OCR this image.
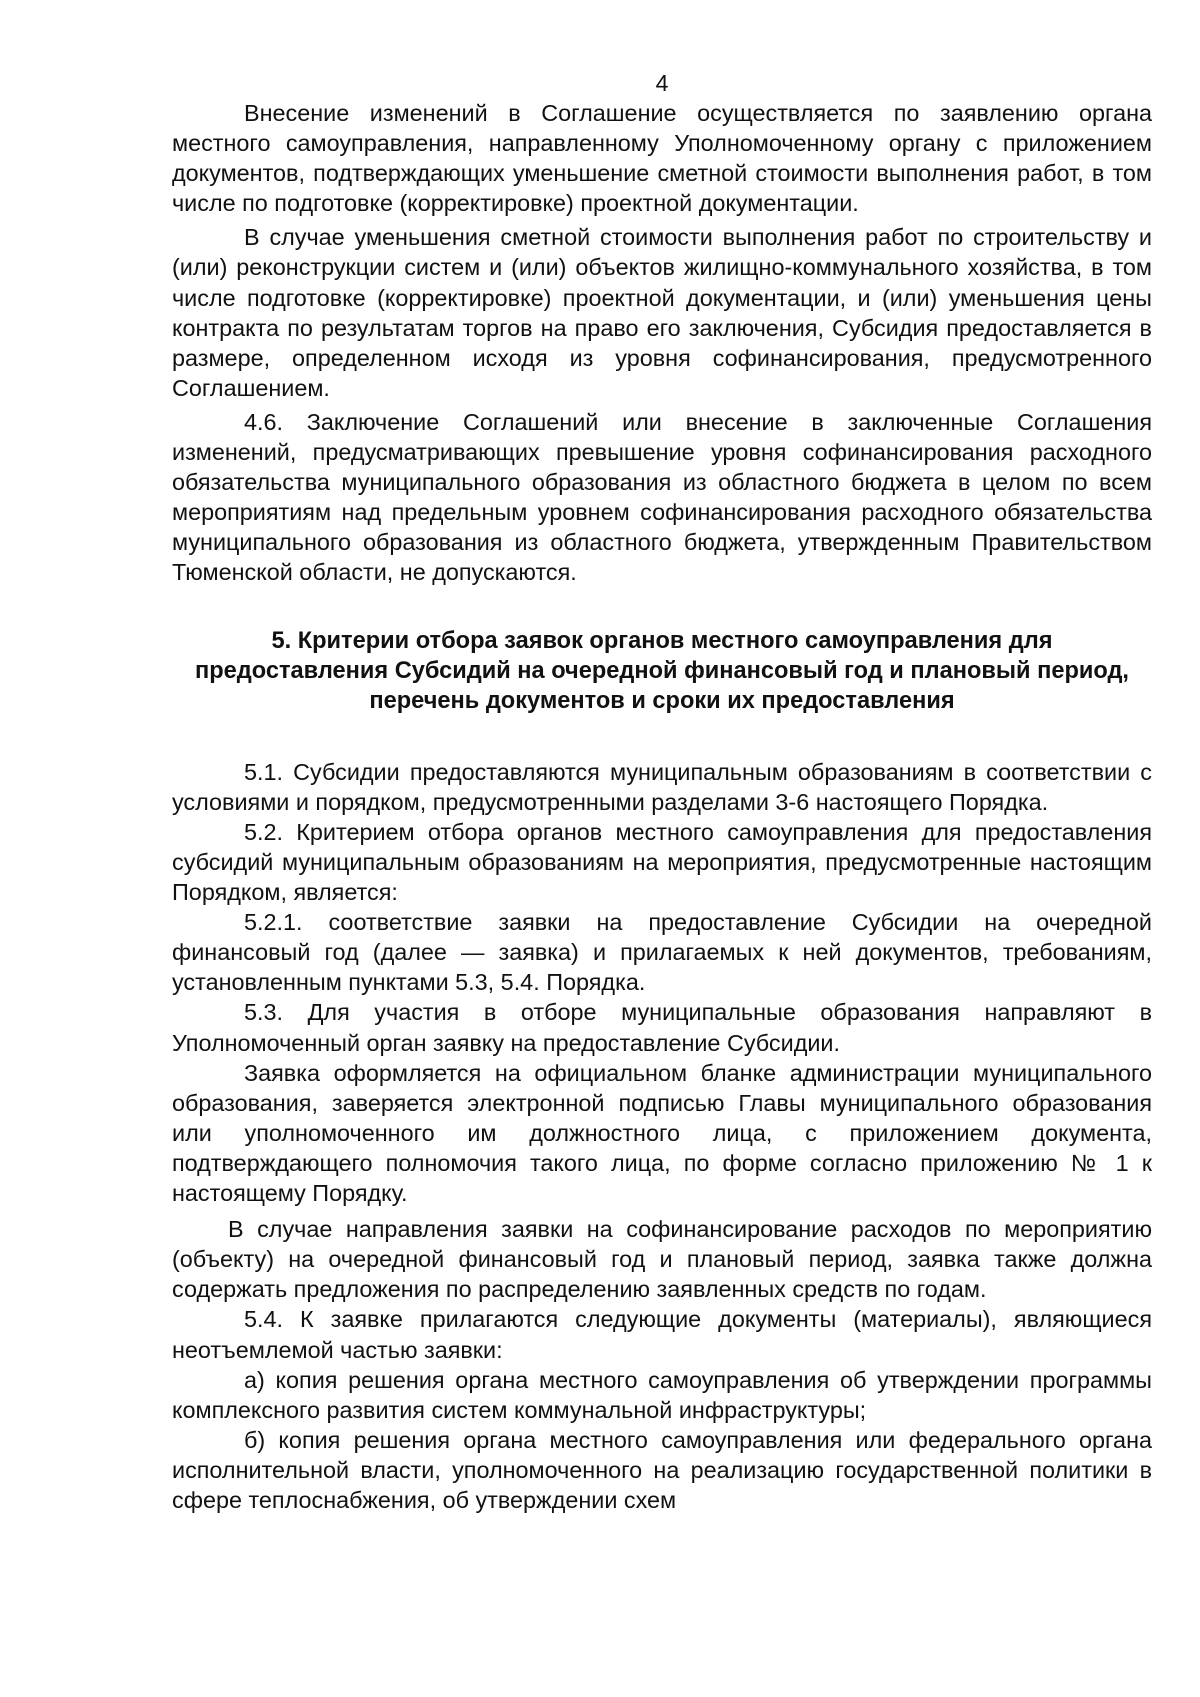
4

Внесение изменений в Соглашение осуществляется по заявлению органа местного самоуправления, направленному Уполномоченному органу с приложением документов, подтверждающих уменьшение сметной стоимости выполнения работ, в том числе по подготовке (корректировке) проектной документации.

В случае уменьшения сметной стоимости выполнения работ по строительству и (или) реконструкции систем и (или) объектов жилищно-коммунального хозяйства, в том числе подготовке (корректировке) проектной документации, и (или) уменьшения цены контракта по результатам торгов на право его заключения, Субсидия предоставляется в размере, определенном исходя из уровня софинансирования, предусмотренного Соглашением.

4.6. Заключение Соглашений или внесение в заключенные Соглашения изменений, предусматривающих превышение уровня софинансирования расходного обязательства муниципального образования из областного бюджета в целом по всем мероприятиям над предельным уровнем софинансирования расходного обязательства муниципального образования из областного бюджета, утвержденным Правительством Тюменской области, не допускаются.

5. Критерии отбора заявок органов местного самоуправления для предоставления Субсидий на очередной финансовый год и плановый период, перечень документов и сроки их предоставления

5.1. Субсидии предоставляются муниципальным образованиям в соответствии с условиями и порядком, предусмотренными разделами 3-6 настоящего Порядка.

5.2. Критерием отбора органов местного самоуправления для предоставления субсидий муниципальным образованиям на мероприятия, предусмотренные настоящим Порядком, является:

5.2.1. соответствие заявки на предоставление Субсидии на очередной финансовый год (далее — заявка) и прилагаемых к ней документов, требованиям, установленным пунктами 5.3, 5.4. Порядка.

5.3. Для участия в отборе муниципальные образования направляют в Уполномоченный орган заявку на предоставление Субсидии.

Заявка оформляется на официальном бланке администрации муниципального образования, заверяется электронной подписью Главы муниципального образования или уполномоченного им должностного лица, с приложением документа, подтверждающего полномочия такого лица, по форме согласно приложению № 1 к настоящему Порядку.

В случае направления заявки на софинансирование расходов по мероприятию (объекту) на очередной финансовый год и плановый период, заявка также должна содержать предложения по распределению заявленных средств по годам.

5.4. К заявке прилагаются следующие документы (материалы), являющиеся неотъемлемой частью заявки:

а) копия решения органа местного самоуправления об утверждении программы комплексного развития систем коммунальной инфраструктуры;

б) копия решения органа местного самоуправления или федерального органа исполнительной власти, уполномоченного на реализацию государственной политики в сфере теплоснабжения, об утверждении схем
